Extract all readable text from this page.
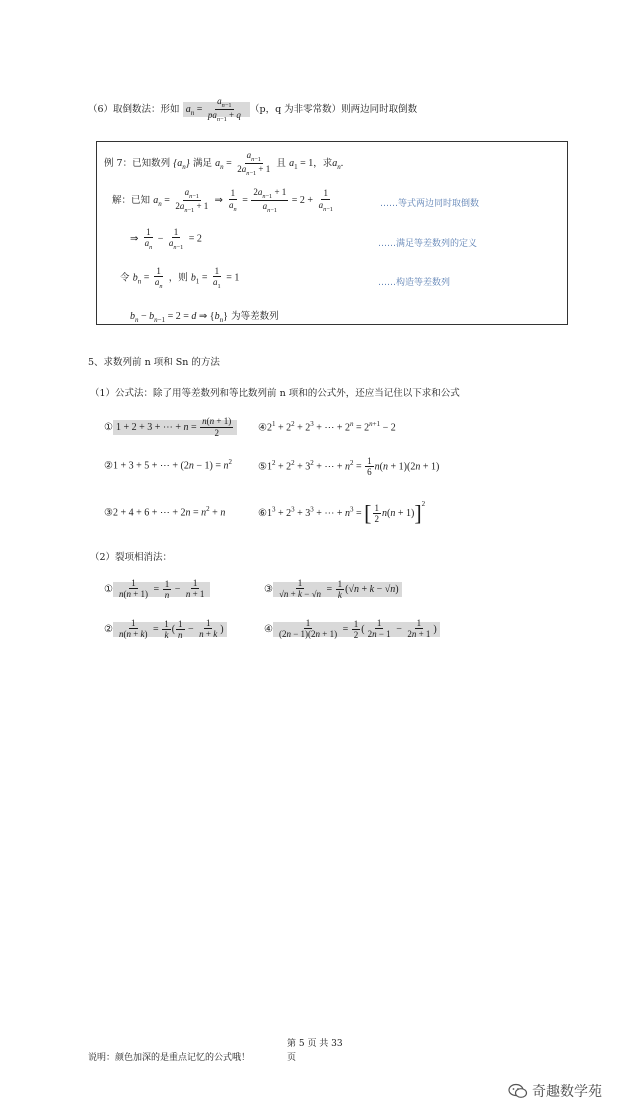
（6）取倒数法：形如 $a_n = \frac{a_{n-1}}{pa_{n-1} + q} (p$，q 为非零常数）则两边同时取倒数
例 7：已知数列 $\{a_n\}$ 满足 $a_n = \frac{a_{n-1}}{2a_{n-1} + 1}$ 且 $a_1 = 1$，求$a_n$.
解：已知 $a_n = \frac{a_{n-1}}{2a_{n-1} + 1}$ ⇒ $\frac{1}{a_n} = \frac{2a_{n-1} + 1}{a_{n-1}} = 2 + \frac{1}{a_{n-1}}$	……等式两边同时取倒数
⇒ $\frac{1}{a_n} - \frac{1}{a_{n-1}} = 2$	……满足等差数列的定义
令 $b_n = \frac{1}{a_n}$ ，则 $b_1 = \frac{1}{a_1} = 1$	……构造等差数列
$b_n - b_{n-1} = 2 = d$ ⇒ $\{b_n\}$ 为等差数列
5、求数列前 n 项和 Sn 的方法
（1）公式法：除了用等差数列和等比数列前 n 项和的公式外，还应当记住以下求和公式
① 1 + 2 + 3 + ⋯ + $n = \frac{n(n + 1)}{2}$ $④2^1 + 2^2 + 2^3$ + ⋯ + $2^n = 2^{n+1} - 2$
②1 + 3 + 5 + ⋯ + $(2n - 1) = n^2$	$⑤1^2 + 2^2 + 3^2$ + ⋯ + $n^2 = \frac{1}{6} n(n + 1)(2n + 1)$
③2 + 4 + 6 + ⋯ + $2n = n^2 + n$	$⑥1^3 + 2^3 + 3^3$ + ⋯ + $n^3$ = [ $\frac{1}{2} n(n + 1)]^2$
（2）裂项相消法：
① $\frac{1}{n(n + 1)} = \frac{1}{n} - \frac{1}{n + 1}$	③ $\frac{1}{√n + k - √n} = \frac{1}{k} (√n + k - √n)$
② $\frac{1}{n(n + k)} = \frac{1}{k}$ ( $\frac{1}{n} - \frac{1}{n + k}$ )	④ $\frac{1}{(2n - 1)(2n + 1)} = \frac{1}{2}$ ( $\frac{1}{2n - 1} - \frac{1}{2n + 1}$ )
第 5 页 共 33
页
说明：颜色加深的是重点记忆的公式哦！
奇趣数学苑
